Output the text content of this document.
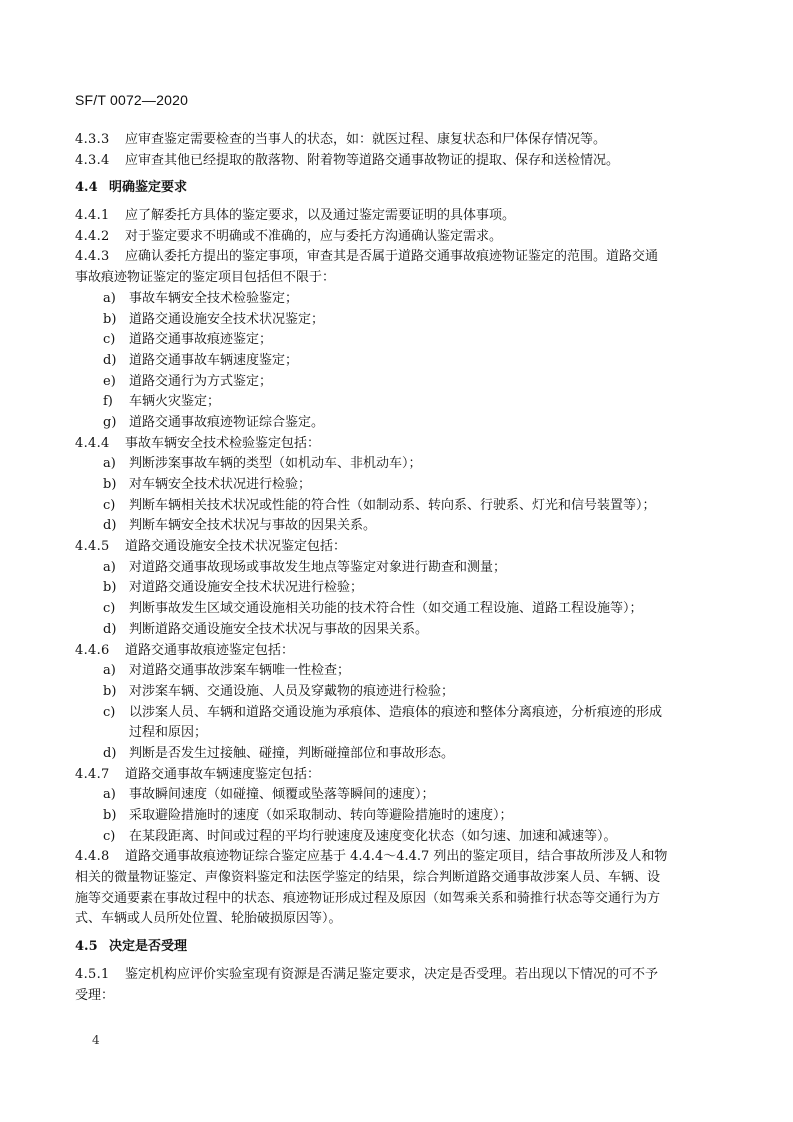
SF/T 0072—2020
4.3.3 应审查鉴定需要检查的当事人的状态，如：就医过程、康复状态和尸体保存情况等。
4.3.4 应审查其他已经提取的散落物、附着物等道路交通事故物证的提取、保存和送检情况。
4.4 明确鉴定要求
4.4.1 应了解委托方具体的鉴定要求，以及通过鉴定需要证明的具体事项。
4.4.2 对于鉴定要求不明确或不准确的，应与委托方沟通确认鉴定需求。
4.4.3 应确认委托方提出的鉴定事项，审查其是否属于道路交通事故痕迹物证鉴定的范围。道路交通
事故痕迹物证鉴定的鉴定项目包括但不限于：
a) 事故车辆安全技术检验鉴定；
b) 道路交通设施安全技术状况鉴定；
c) 道路交通事故痕迹鉴定；
d) 道路交通事故车辆速度鉴定；
e) 道路交通行为方式鉴定；
f) 车辆火灾鉴定；
g) 道路交通事故痕迹物证综合鉴定。
4.4.4 事故车辆安全技术检验鉴定包括：
a) 判断涉案事故车辆的类型（如机动车、非机动车）；
b) 对车辆安全技术状况进行检验；
c) 判断车辆相关技术状况或性能的符合性（如制动系、转向系、行驶系、灯光和信号装置等）；
d) 判断车辆安全技术状况与事故的因果关系。
4.4.5 道路交通设施安全技术状况鉴定包括：
a) 对道路交通事故现场或事故发生地点等鉴定对象进行勘查和测量；
b) 对道路交通设施安全技术状况进行检验；
c) 判断事故发生区域交通设施相关功能的技术符合性（如交通工程设施、道路工程设施等）；
d) 判断道路交通设施安全技术状况与事故的因果关系。
4.4.6 道路交通事故痕迹鉴定包括：
a) 对道路交通事故涉案车辆唯一性检查；
b) 对涉案车辆、交通设施、人员及穿戴物的痕迹进行检验；
c) 以涉案人员、车辆和道路交通设施为承痕体、造痕体的痕迹和整体分离痕迹，分析痕迹的形成
过程和原因；
d) 判断是否发生过接触、碰撞，判断碰撞部位和事故形态。
4.4.7 道路交通事故车辆速度鉴定包括：
a) 事故瞬间速度（如碰撞、倾覆或坠落等瞬间的速度）；
b) 采取避险措施时的速度（如采取制动、转向等避险措施时的速度）；
c) 在某段距离、时间或过程的平均行驶速度及速度变化状态（如匀速、加速和减速等）。
4.4.8 道路交通事故痕迹物证综合鉴定应基于 4.4.4～4.4.7 列出的鉴定项目，结合事故所涉及人和物
相关的微量物证鉴定、声像资料鉴定和法医学鉴定的结果，综合判断道路交通事故涉案人员、车辆、设
施等交通要素在事故过程中的状态、痕迹物证形成过程及原因（如驾乘关系和骑推行状态等交通行为方
式、车辆或人员所处位置、轮胎破损原因等）。
4.5 决定是否受理
4.5.1 鉴定机构应评价实验室现有资源是否满足鉴定要求，决定是否受理。若出现以下情况的可不予
受理：
4
